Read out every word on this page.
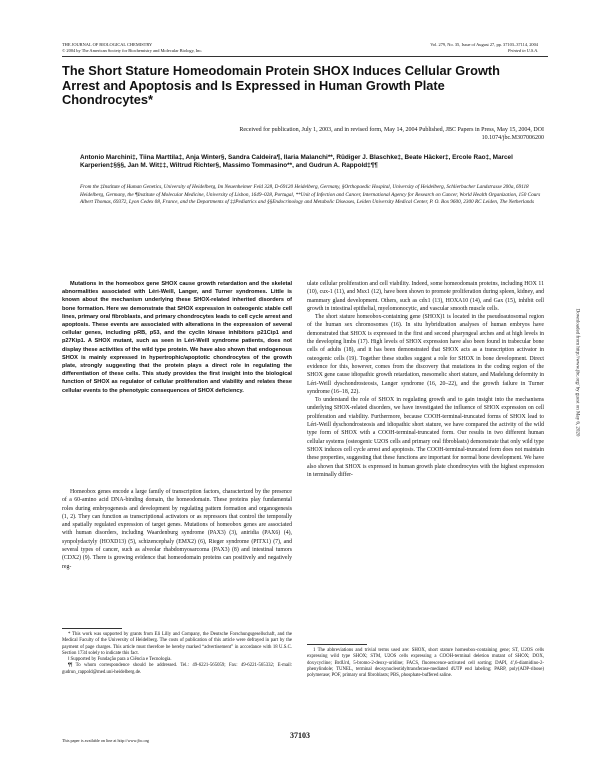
THE JOURNAL OF BIOLOGICAL CHEMISTRY
© 2004 by The American Society for Biochemistry and Molecular Biology, Inc.
Vol. 279, No. 35, Issue of August 27, pp. 37103–37114, 2004
Printed in U.S.A.
The Short Stature Homeodomain Protein SHOX Induces Cellular Growth Arrest and Apoptosis and Is Expressed in Human Growth Plate Chondrocytes*
Received for publication, July 1, 2003, and in revised form, May 14, 2004 Published, JBC Papers in Press, May 15, 2004, DOI 10.1074/jbc.M307006200
Antonio Marchini‡, Tiina Marttila‡, Anja Winter§, Sandra Caldeira¶, Ilaria Malanchi**, Rüdiger J. Blaschke‡, Beate Häcker‡, Ercole Rao‡, Marcel Karperien‡§§§, Jan M. Wit‡‡, Wiltrud Richter§, Massimo Tommasino**, and Gudrun A. Rappold‡¶¶
From the ‡Institute of Human Genetics, University of Heidelberg, Im Neuenheimer Feld 328, D-69120 Heidelberg, Germany, §Orthopaedic Hospital, University of Heidelberg, Schlierbacher Landstrasse 200a, 69118 Heidelberg, Germany, the ¶Institute of Molecular Medicine, University of Lisbon, 1649–028, Portugal, **Unit of Infection and Cancer, International Agency for Research on Cancer, World Health Organization, 150 Cours Albert Thomas, 69372, Lyon Cedex 08, France, and the Departments of ‡‡Pediatrics and §§Endocrinology and Metabolic Diseases, Leiden University Medical Center, P. O. Box 9600, 2300 RC Leiden, The Netherlands

Mutations in the homeobox gene SHOX cause growth retardation and the skeletal abnormalities associated with Léri-Weill, Langer, and Turner syndromes. Little is known about the mechanism underlying these SHOX-related inherited disorders of bone formation. Here we demonstrate that SHOX expression in osteogenic stable cell lines, primary oral fibroblasts, and primary chondrocytes leads to cell cycle arrest and apoptosis. These events are associated with alterations in the expression of several cellular genes, including pRB, p53, and the cyclin kinase inhibitors p21Cip1 and p27Kip1. A SHOX mutant, such as seen in Léri-Weill syndrome patients, does not display these activities of the wild type protein. We have also shown that endogenous SHOX is mainly expressed in hypertrophic/apoptotic chondrocytes of the growth plate, strongly suggesting that the protein plays a direct role in regulating the differentiation of these cells. This study provides the first insight into the biological function of SHOX as regulator of cellular proliferation and viability and relates these cellular events to the phenotypic consequences of SHOX deficiency.

Homeobox genes encode a large family of transcription factors, characterized by the presence of a 60-amino acid DNA-binding domain, the homeodomain. These proteins play fundamental roles during embryogenesis and development by regulating pattern formation and organogenesis (1, 2). They can function as transcriptional activators or as repressors that control the temporally and spatially regulated expression of target genes. Mutations of homeobox genes are associated with human disorders, including Waardenburg syndrome (PAX3) (3), aniridia (PAX6) (4), synpolydactyly (HOXD13) (5), schizencephaly (EMX2) (6), Rieger syndrome (PITX1) (7), and several types of cancer, such as alveolar rhabdomyosarcoma (PAX3) (8) and intestinal tumors (CDX2) (9). There is growing evidence that homeodomain proteins can positively and negatively reg-

* This work was supported by grants from Eli Lilly and Company, the Deutsche Forschungsgesellschaft, and the Medical Faculty of the University of Heidelberg. The costs of publication of this article were defrayed in part by the payment of page charges. This article must therefore be hereby marked “advertisement” in accordance with 18 U.S.C. Section 1734 solely to indicate this fact.

‖ Supported by Fundação para a Ciência e Tecnologia.

¶¶ To whom correspondence should be addressed. Tel.: 49-6221-565059; Fax: 49-6221-565332; E-mail: gudrun_rappold@med.uni-heidelberg.de.

ulate cellular proliferation and cell viability. Indeed, some homeodomain proteins, including HOX 11 (10), cux-1 (11), and Msx1 (12), have been shown to promote proliferation during spleen, kidney, and mammary gland development. Others, such as cdx1 (13), HOXA10 (14), and Gax (15), inhibit cell growth in intestinal epithelial, myelomonocytic, and vascular smooth muscle cells.

The short stature homeobox-containing gene (SHOX)1 is located in the pseudoautosomal region of the human sex chromosomes (16). In situ hybridization analyses of human embryos have demonstrated that SHOX is expressed in the first and second pharyngeal arches and at high levels in the developing limbs (17). High levels of SHOX expression have also been found in trabecular bone cells of adults (18), and it has been demonstrated that SHOX acts as a transcription activator in osteogenic cells (19). Together these studies suggest a role for SHOX in bone development. Direct evidence for this, however, comes from the discovery that mutations in the coding region of the SHOX gene cause idiopathic growth retardation, mesomelic short stature, and Madelung deformity in Léri-Weill dyschondrosteosis, Langer syndrome (16, 20–22), and the growth failure in Turner syndrome (16–18, 22).

To understand the role of SHOX in regulating growth and to gain insight into the mechanisms underlying SHOX-related disorders, we have investigated the influence of SHOX expression on cell proliferation and viability. Furthermore, because COOH-terminal-truncated forms of SHOX lead to Léri-Weill dyschondrosteosis and idiopathic short stature, we have compared the activity of the wild type form of SHOX with a COOH-terminal-truncated form. Our results in two different human cellular systems (osteogenic U2OS cells and primary oral fibroblasts) demonstrate that only wild type SHOX induces cell cycle arrest and apoptosis. The COOH-terminal-truncated form does not maintain these properties, suggesting that these functions are important for normal bone development. We have also shown that SHOX is expressed in human growth plate chondrocytes with the highest expression in terminally differ-

1 The abbreviations and trivial terms used are: SHOX, short stature homeobox-containing gene; ST, U2OS cells expressing wild type SHOX; STM, U2OS cells expressing a COOH-terminal deletion mutant of SHOX; DOX, doxycycline; BrdUrd, 5-bromo-2-deoxy-uridine; FACS, fluorescence-activated cell sorting; DAPI, 4′,6-diamidino-2-phenylindole; TUNEL, terminal deoxynucleotidyltransferase-mediated dUTP end labeling; PARP, poly(ADP-ribose) polymerase; POF, primary oral fibroblasts; PBS, phosphate-buffered saline.

37103
This paper is available on line at http://www.jbc.org
Downloaded from http://www.jbc.org/ by guest on May 6, 2020
